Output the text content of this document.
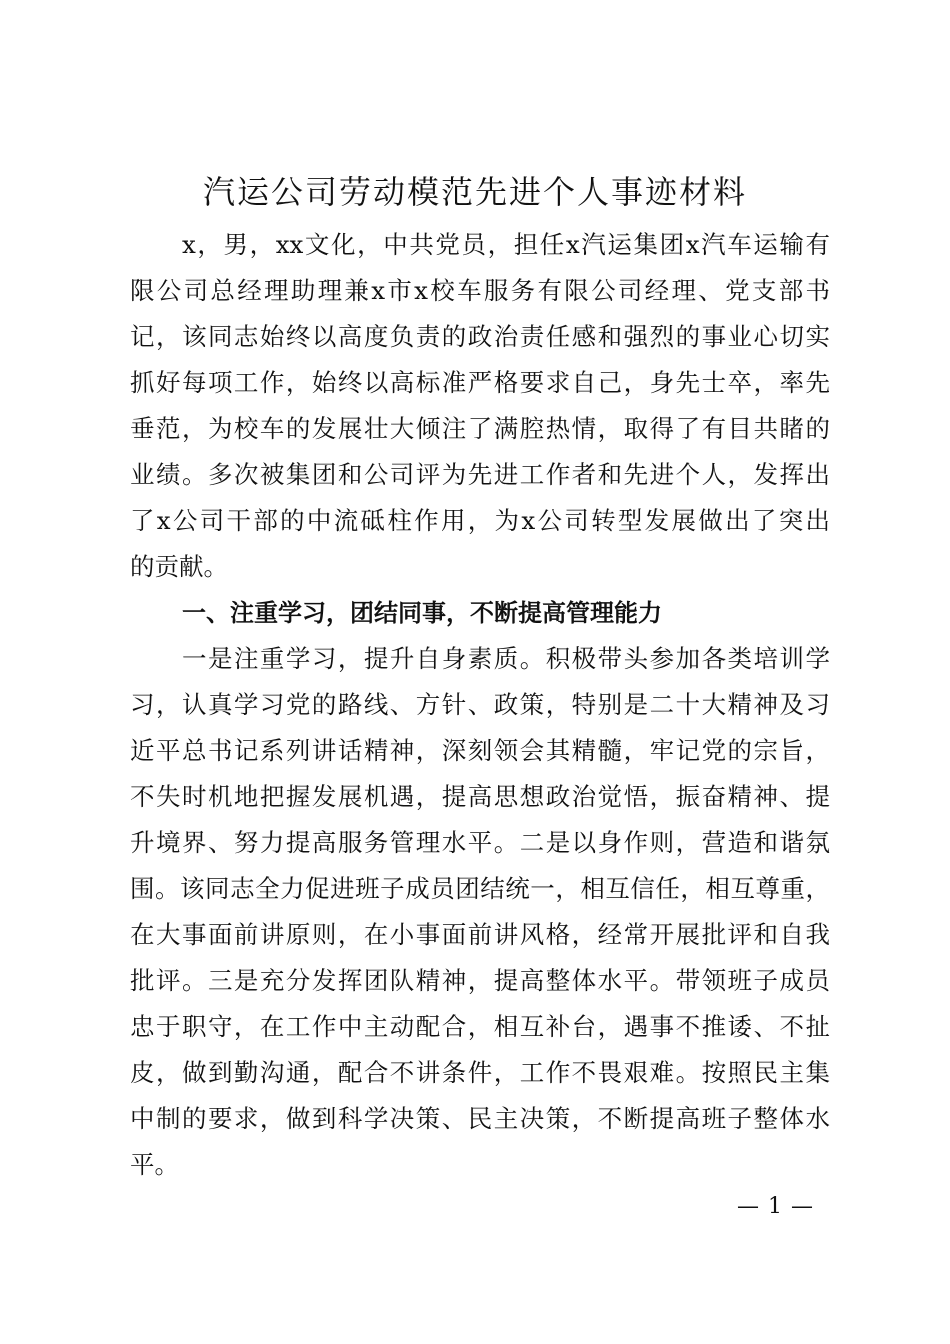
汽运公司劳动模范先进个人事迹材料
x，男，xx文化，中共党员，担任x汽运集团x汽车运输有
限公司总经理助理兼x市x校车服务有限公司经理、党支部书
记，该同志始终以高度负责的政治责任感和强烈的事业心切实
抓好每项工作，始终以高标准严格要求自己，身先士卒，率先
垂范，为校车的发展壮大倾注了满腔热情，取得了有目共睹的
业绩。多次被集团和公司评为先进工作者和先进个人，发挥出
了x公司干部的中流砥柱作用，为x公司转型发展做出了突出
的贡献。
一、注重学习，团结同事，不断提高管理能力
一是注重学习，提升自身素质。积极带头参加各类培训学
习，认真学习党的路线、方针、政策，特别是二十大精神及习
近平总书记系列讲话精神，深刻领会其精髓，牢记党的宗旨，
不失时机地把握发展机遇，提高思想政治觉悟，振奋精神、提
升境界、努力提高服务管理水平。二是以身作则，营造和谐氛
围。该同志全力促进班子成员团结统一，相互信任，相互尊重，
在大事面前讲原则，在小事面前讲风格，经常开展批评和自我
批评。三是充分发挥团队精神，提高整体水平。带领班子成员
忠于职守，在工作中主动配合，相互补台，遇事不推诿、不扯
皮，做到勤沟通，配合不讲条件，工作不畏艰难。按照民主集
中制的要求，做到科学决策、民主决策，不断提高班子整体水
平。
— 1 —
